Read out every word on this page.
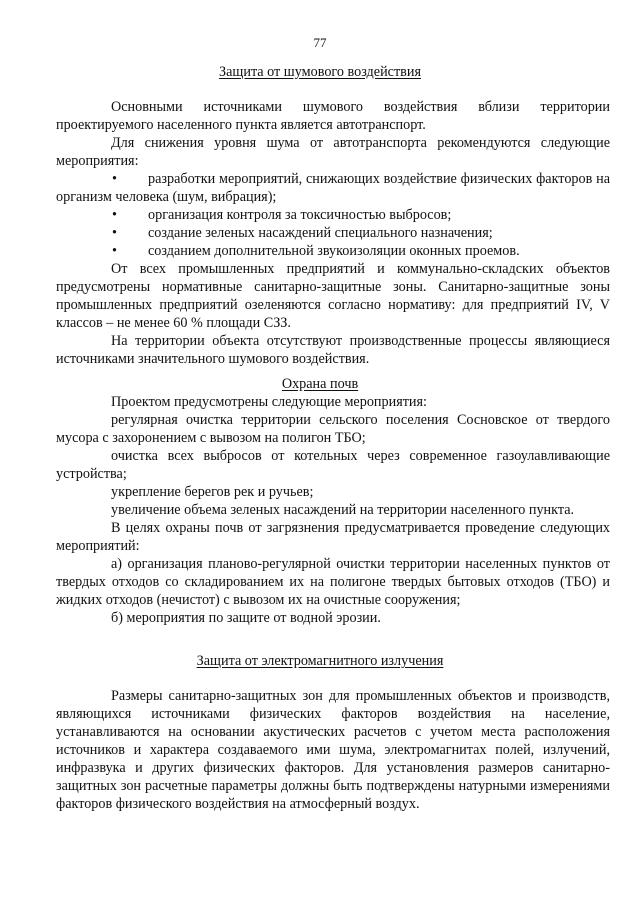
77
Защита от шумового воздействия

Основными источниками шумового воздействия вблизи территории проектируемого населенного пункта является автотранспорт.

Для снижения уровня шума от автотранспорта рекомендуются следующие мероприятия:

• разработки мероприятий, снижающих воздействие физических факторов на организм человека (шум, вибрация);

•	организация контроля за токсичностью выбросов;
•	создание зеленых насаждений специального назначения;
•	созданием дополнительной звукоизоляции оконных проемов.

От всех промышленных предприятий и коммунально-складских объектов предусмотрены нормативные санитарно-защитные зоны. Санитарно-защитные зоны промышленных предприятий озеленяются согласно нормативу: для предприятий IV, V классов – не менее 60 % площади СЗЗ.

На территории объекта отсутствуют производственные процессы являющиеся источниками значительного шумового воздействия.

Охрана почв

Проектом предусмотрены следующие мероприятия:

регулярная очистка территории сельского поселения Сосновское от твердого мусора с захоронением с вывозом на полигон ТБО;

очистка всех выбросов от котельных через современное газоулавливающие устройства;

укрепление берегов рек и ручьев;

увеличение объема зеленых насаждений на территории населенного пункта.

В целях охраны почв от загрязнения предусматривается проведение следующих мероприятий:

а) организация планово-регулярной очистки территории населенных пунктов от твердых отходов со складированием их на полигоне твердых бытовых отходов (ТБО) и жидких отходов (нечистот) с вывозом их на очистные сооружения;

б) мероприятия по защите от водной эрозии.

Защита от электромагнитного излучения

Размеры санитарно-защитных зон для промышленных объектов и производств, являющихся источниками физических факторов воздействия на население, устанавливаются на основании акустических расчетов с учетом места расположения источников и характера создаваемого ими шума, электромагнитах полей, излучений, инфразвука и других физических факторов. Для установления размеров санитарно-защитных зон расчетные параметры должны быть подтверждены натурными измерениями факторов физического воздействия на атмосферный воздух.
